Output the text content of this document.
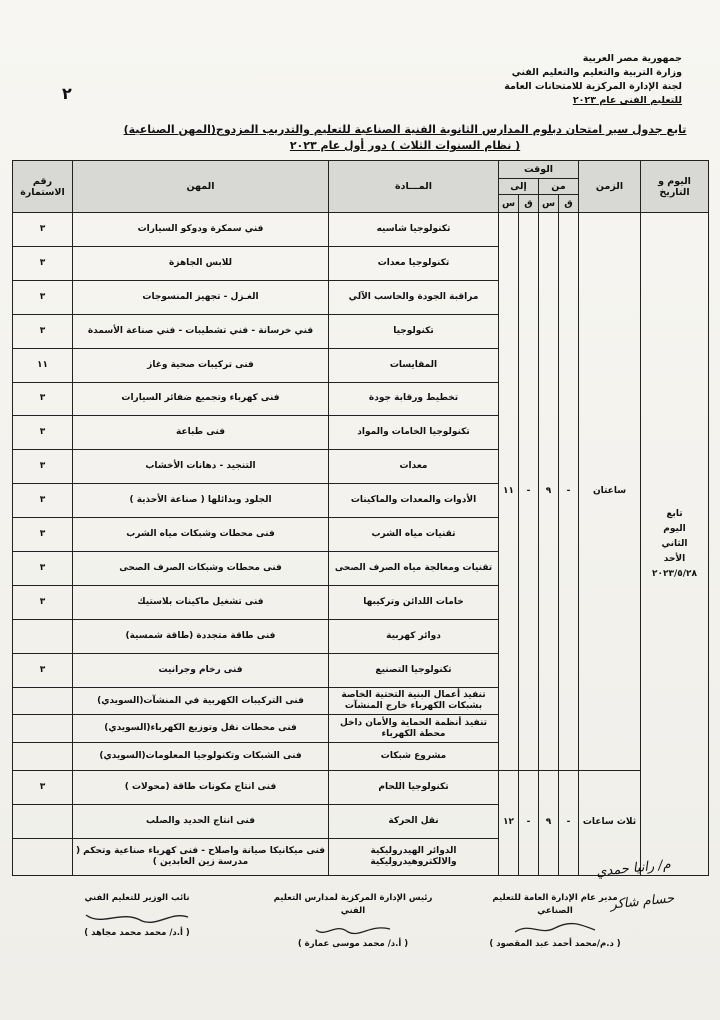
جمهورية مصر العربية
وزارة التربية والتعليم والتعليم الفني
لجنة الإدارة المركزية للامتحانات العامة
للتعليم الفني عام ٢٠٢٣
٢
تابع جدول سير امتحان دبلوم المدارس الثانوية الفنية الصناعية للتعليم والتدريب المزدوج(المهن الصناعية)
( نظام السنوات الثلاث ) دور أول عام ٢٠٢٣
اليوم و التاريخ	الزمن	الوقت				المـــادة	المهن	رقم الاستمارة
		من		إلى				
		ق	س	ق	س			

تابع
اليوم
الثاني
الأحد
٢٠٢٣/٥/٢٨	ساعتان	-	٩	-	١١	تكنولوجيا شاسيه	فني سمكرة ودوكو السيارات	٣
						تكنولوجيا معدات	للابس الجاهزة	٣
						مراقبة الجودة والحاسب الآلي	الغـزل - تجهيز المنسوجات	٣
						تكنولوجيا	فني خرسانة - فني تشطيبات - فني صناعة الأسمدة	٣
						المقايسات	فنى تركيبات صحية وغاز	١١
						تخطيط ورقابة جودة	فنى كهرباء وتجميع ضفائر السيارات	٣
						تكنولوجيا الخامات والمواد	فنى طباعة	٣
						معدات	التنجيد - دهانات الأخشاب	٣
						الأدوات والمعدات والماكينات	الجلود وبدائلها ( صناعة الأحذية )	٣
						تقنيات مياه الشرب	فنى محطات وشبكات مياه الشرب	٣
						تقنيات ومعالجة مياه الصرف الصحى	فنى محطات وشبكات الصرف الصحى	٣
						خامات اللدائن وتركيبها	فنى تشغيل ماكينات بلاستيك	٣
						دوائر كهربية	فنى طاقة متجددة (طاقة شمسية)	
						تكنولوجيا التصنيع	فنى رخام وجرانيت	٣
						تنفيذ أعمال البنية التحتية الخاصة بشبكات الكهرباء خارج المنشآت	فنى التركيبات الكهربية في المنشآت(السويدي)	
						تنفيذ أنظمة الحماية والأمان داخل محطة الكهرباء	فنى محطات نقل وتوزيع الكهرباء(السويدي)	
						مشروع شبكات	فنى الشبكات وتكنولوجيا المعلومات(السويدي)	
	ثلاث ساعات	-	٩	-	١٢	تكنولوجيا اللحام	فنى انتاج مكونات طاقة (محولات )	٣
						نقل الحركة	فنى انتاج الحديد والصلب	
						الدوائر الهيدروليكية والالكتروهيدروليكية	فنى ميكانيكا صيانة واصلاح - فنى كهرباء صناعية وتحكم ( مدرسة زين العابدين )	
مدير عام الإدارة العامة للتعليم الصناعي
( د.م/محمد أحمد عبد المقصود )
رئيس الإدارة المركزية لمدارس التعليم الفني
( أ.د/ محمد موسى عمارة )
نائب الوزير للتعليم الفني
( أ.د/ محمد محمد مجاهد )
م/ رانيا حمدي
حسام شاكر
